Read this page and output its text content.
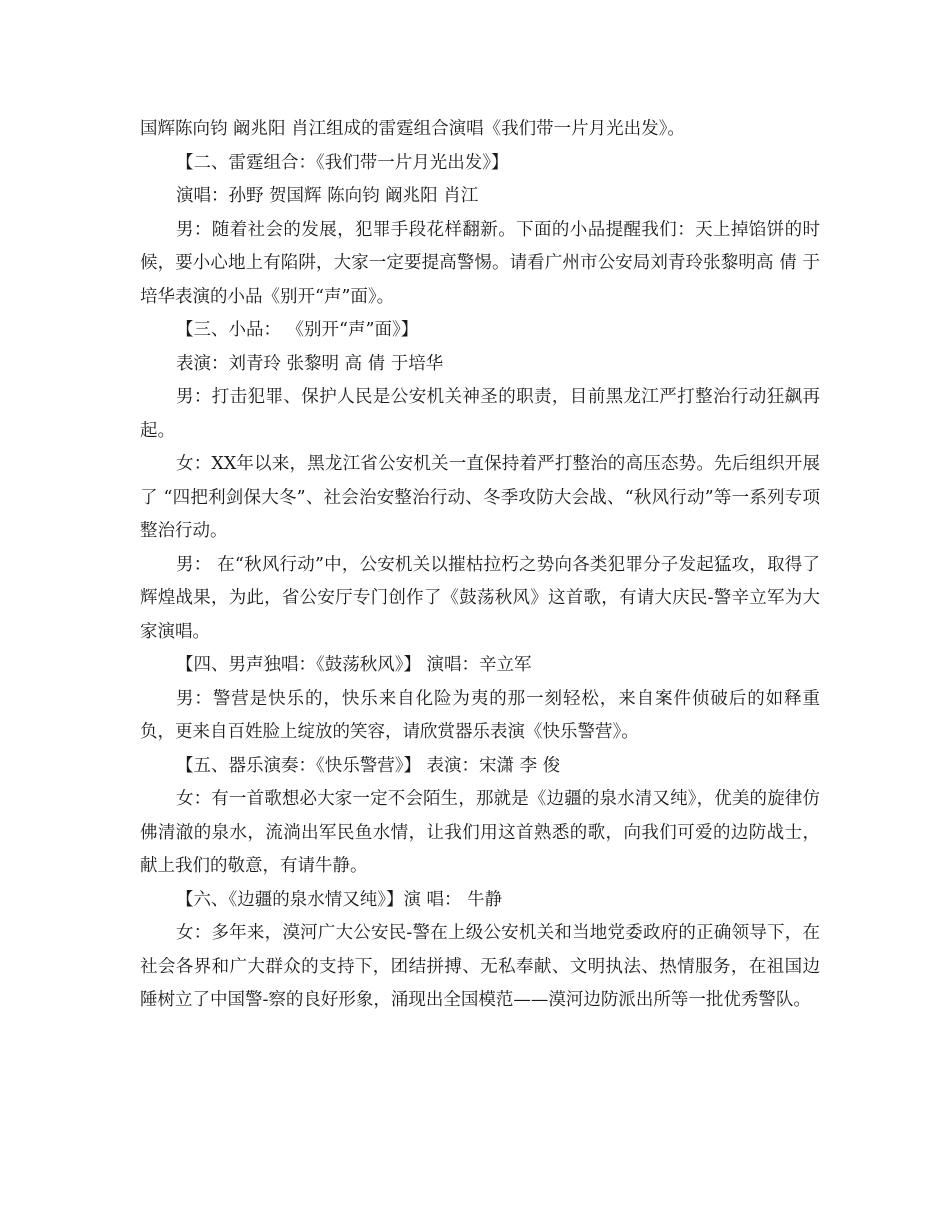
国辉陈向钧 阚兆阳 肖江组成的雷霆组合演唱《我们带一片月光出发》。

【二、雷霆组合：《我们带一片月光出发》】

演唱：孙野 贺国辉 陈向钧 阚兆阳 肖江

男：随着社会的发展，犯罪手段花样翻新。下面的小品提醒我们：天上掉馅饼的时候，要小心地上有陷阱，大家一定要提高警惕。请看广州市公安局刘青玲张黎明高 倩 于培华表演的小品《别开“声”面》。

【三、小品： 《别开“声”面》】

表演：刘青玲 张黎明 高 倩 于培华

男：打击犯罪、保护人民是公安机关神圣的职责，目前黑龙江严打整治行动狂飙再起。

女：XX年以来，黑龙江省公安机关一直保持着严打整治的高压态势。先后组织开展了 “四把利剑保大冬”、社会治安整治行动、冬季攻防大会战、“秋风行动”等一系列专项整治行动。

男： 在“秋风行动”中，公安机关以摧枯拉朽之势向各类犯罪分子发起猛攻，取得了辉煌战果，为此，省公安厅专门创作了《鼓荡秋风》这首歌，有请大庆民-警辛立军为大家演唱。

【四、男声独唱：《鼓荡秋风》】 演唱：辛立军

男：警营是快乐的，快乐来自化险为夷的那一刻轻松，来自案件侦破后的如释重负，更来自百姓脸上绽放的笑容，请欣赏器乐表演《快乐警营》。

【五、器乐演奏：《快乐警营》】 表演：宋潇 李 俊

女：有一首歌想必大家一定不会陌生，那就是《边疆的泉水清又纯》，优美的旋律仿佛清澈的泉水，流淌出军民鱼水情，让我们用这首熟悉的歌，向我们可爱的边防战士，献上我们的敬意，有请牛静。

【六、《边疆的泉水情又纯》】演 唱： 牛静

女：多年来，漠河广大公安民-警在上级公安机关和当地党委政府的正确领导下，在社会各界和广大群众的支持下，团结拼搏、无私奉献、文明执法、热情服务，在祖国边陲树立了中国警-察的良好形象，涌现出全国模范——漠河边防派出所等一批优秀警队。
